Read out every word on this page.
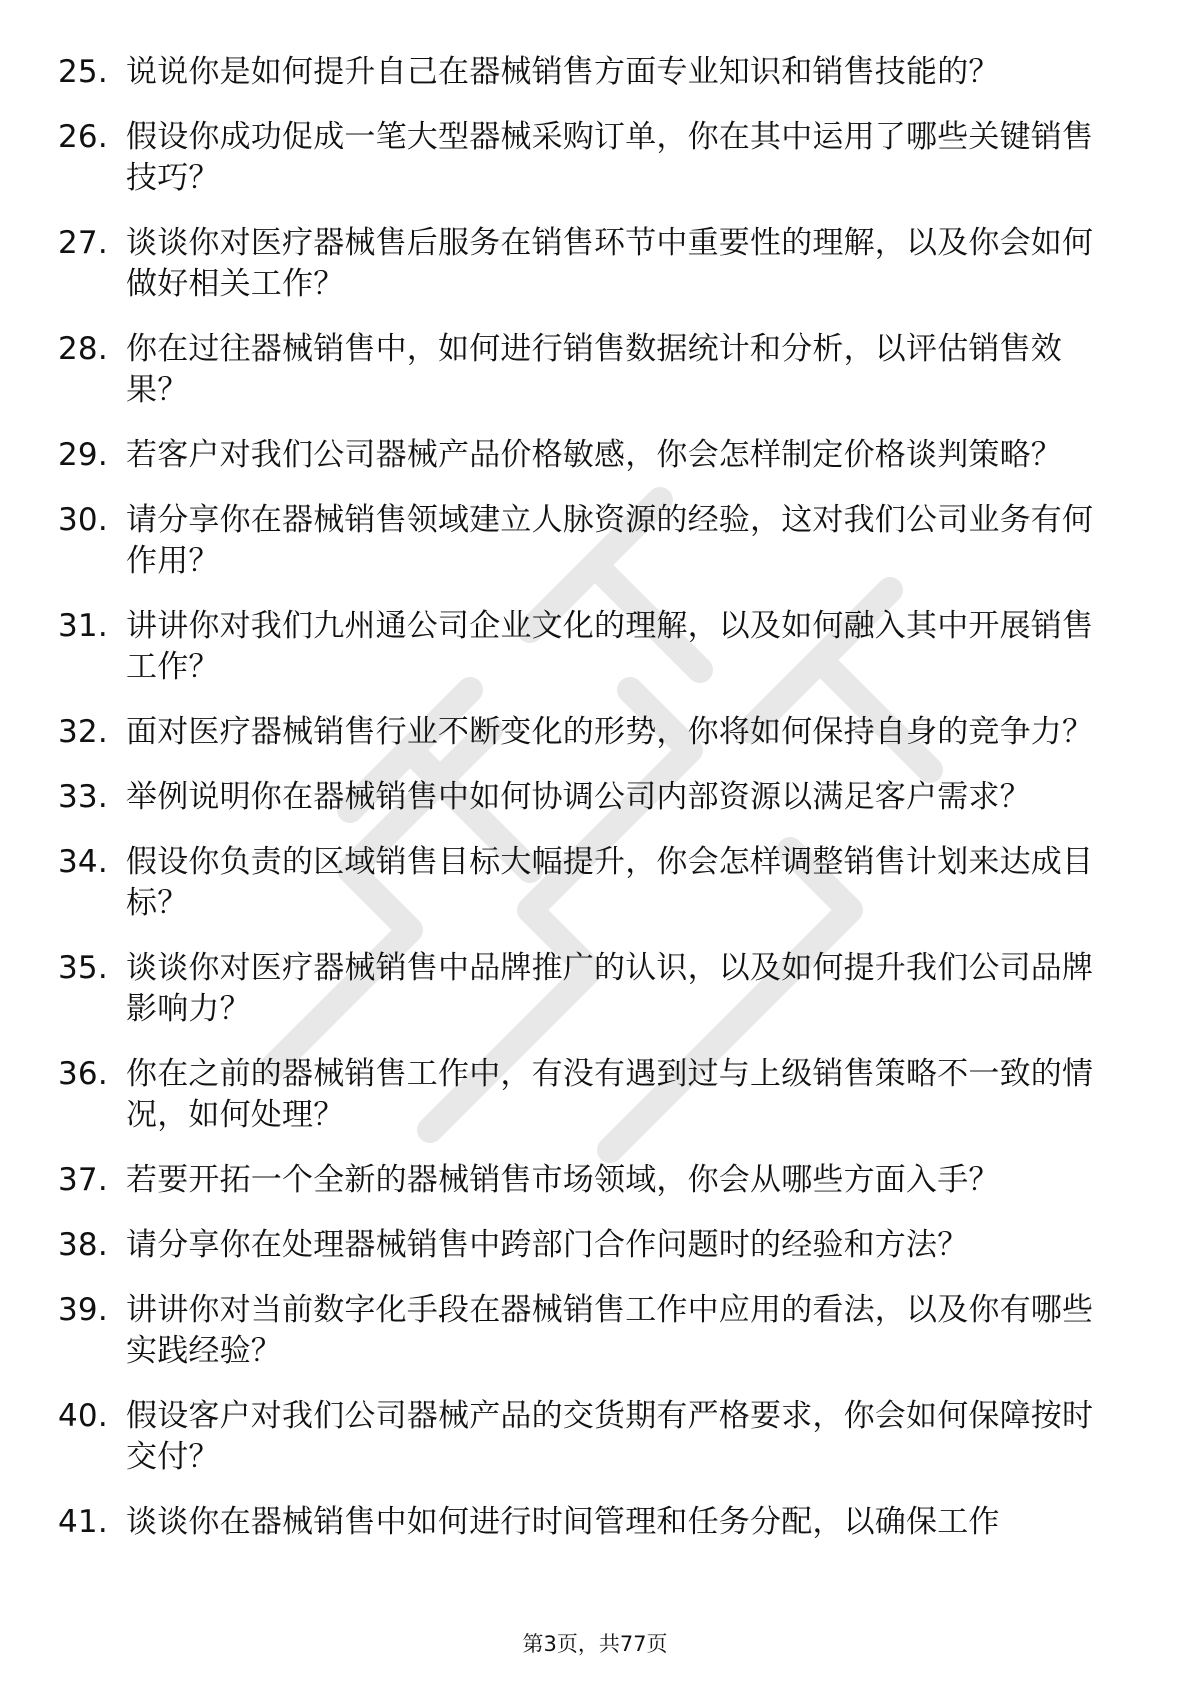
25. 说说你是如何提升自己在器械销售方面专业知识和销售技能的？
26. 假设你成功促成一笔大型器械采购订单，你在其中运用了哪些关键销售技巧？
27. 谈谈你对医疗器械售后服务在销售环节中重要性的理解，以及你会如何做好相关工作？
28. 你在过往器械销售中，如何进行销售数据统计和分析，以评估销售效果？
29. 若客户对我们公司器械产品价格敏感，你会怎样制定价格谈判策略？
30. 请分享你在器械销售领域建立人脉资源的经验，这对我们公司业务有何作用？
31. 讲讲你对我们九州通公司企业文化的理解，以及如何融入其中开展销售工作？
32. 面对医疗器械销售行业不断变化的形势，你将如何保持自身的竞争力？
33. 举例说明你在器械销售中如何协调公司内部资源以满足客户需求？
34. 假设你负责的区域销售目标大幅提升，你会怎样调整销售计划来达成目标？
35. 谈谈你对医疗器械销售中品牌推广的认识，以及如何提升我们公司品牌影响力？
36. 你在之前的器械销售工作中，有没有遇到过与上级销售策略不一致的情况，如何处理？
37. 若要开拓一个全新的器械销售市场领域，你会从哪些方面入手？
38. 请分享你在处理器械销售中跨部门合作问题时的经验和方法？
39. 讲讲你对当前数字化手段在器械销售工作中应用的看法，以及你有哪些实践经验？
40. 假设客户对我们公司器械产品的交货期有严格要求，你会如何保障按时交付？
41. 谈谈你在器械销售中如何进行时间管理和任务分配，以确保工作
第3页，共77页
